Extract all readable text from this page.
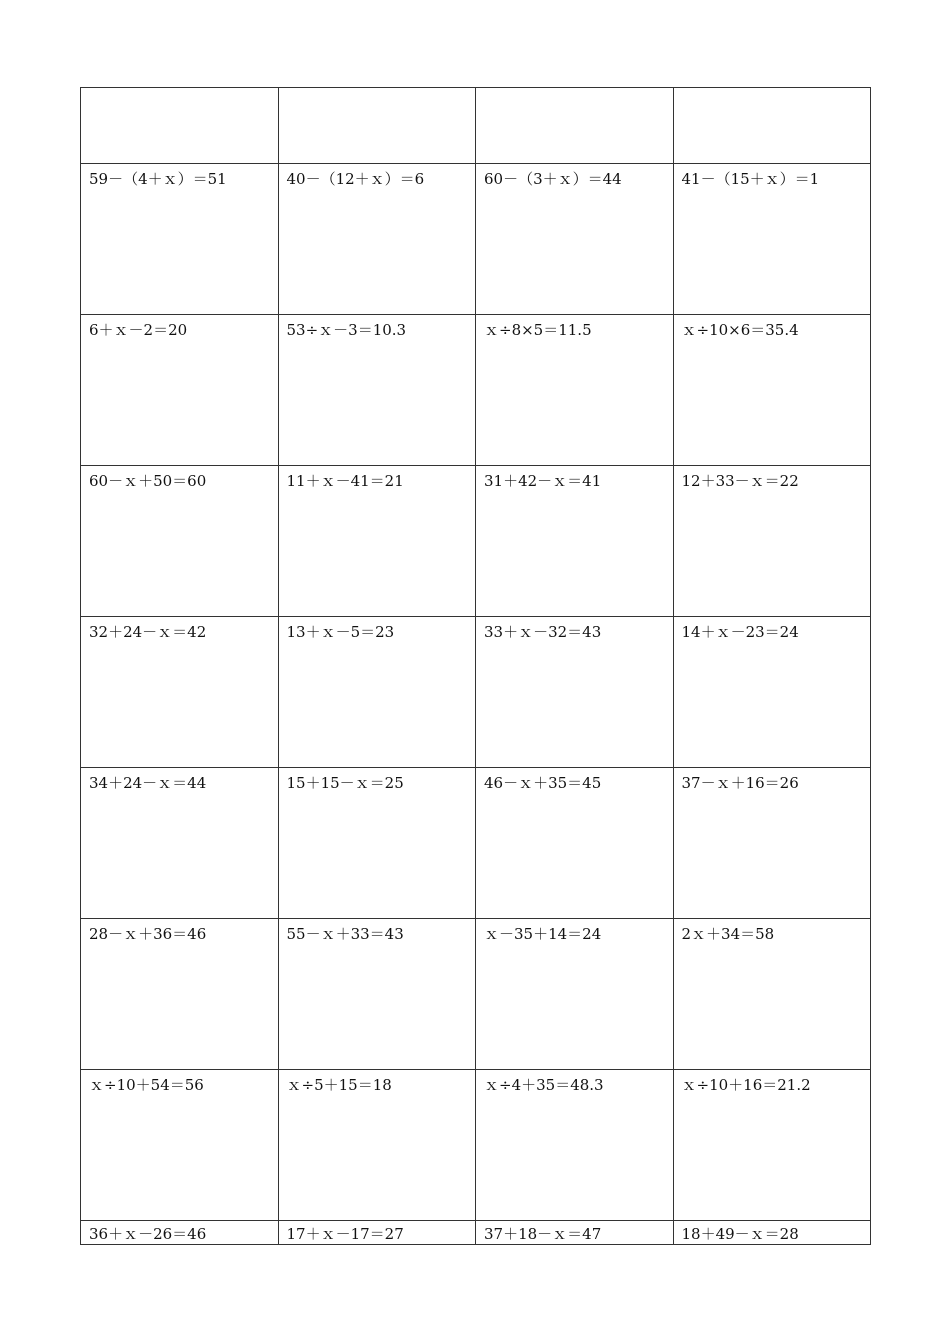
59－（4＋ｘ）＝51	40－（12＋ｘ）＝6	60－（3＋ｘ）＝44	41－（15＋ｘ）＝1
6＋ｘ－2＝20	53÷ｘ－3＝10.3	ｘ÷8×5＝11.5	ｘ÷10×6＝35.4
60－ｘ＋50＝60	11＋ｘ－41＝21	31＋42－ｘ＝41	12＋33－ｘ＝22
32＋24－ｘ＝42	13＋ｘ－5＝23	33＋ｘ－32＝43	14＋ｘ－23＝24
34＋24－ｘ＝44	15＋15－ｘ＝25	46－ｘ＋35＝45	37－ｘ＋16＝26
28－ｘ＋36＝46	55－ｘ＋33＝43	ｘ－35＋14＝24	2ｘ＋34＝58
ｘ÷10＋54＝56	ｘ÷5＋15＝18	ｘ÷4＋35＝48.3	ｘ÷10＋16＝21.2
36＋ｘ－26＝46	17＋ｘ－17＝27	37＋18－ｘ＝47	18＋49－ｘ＝28
